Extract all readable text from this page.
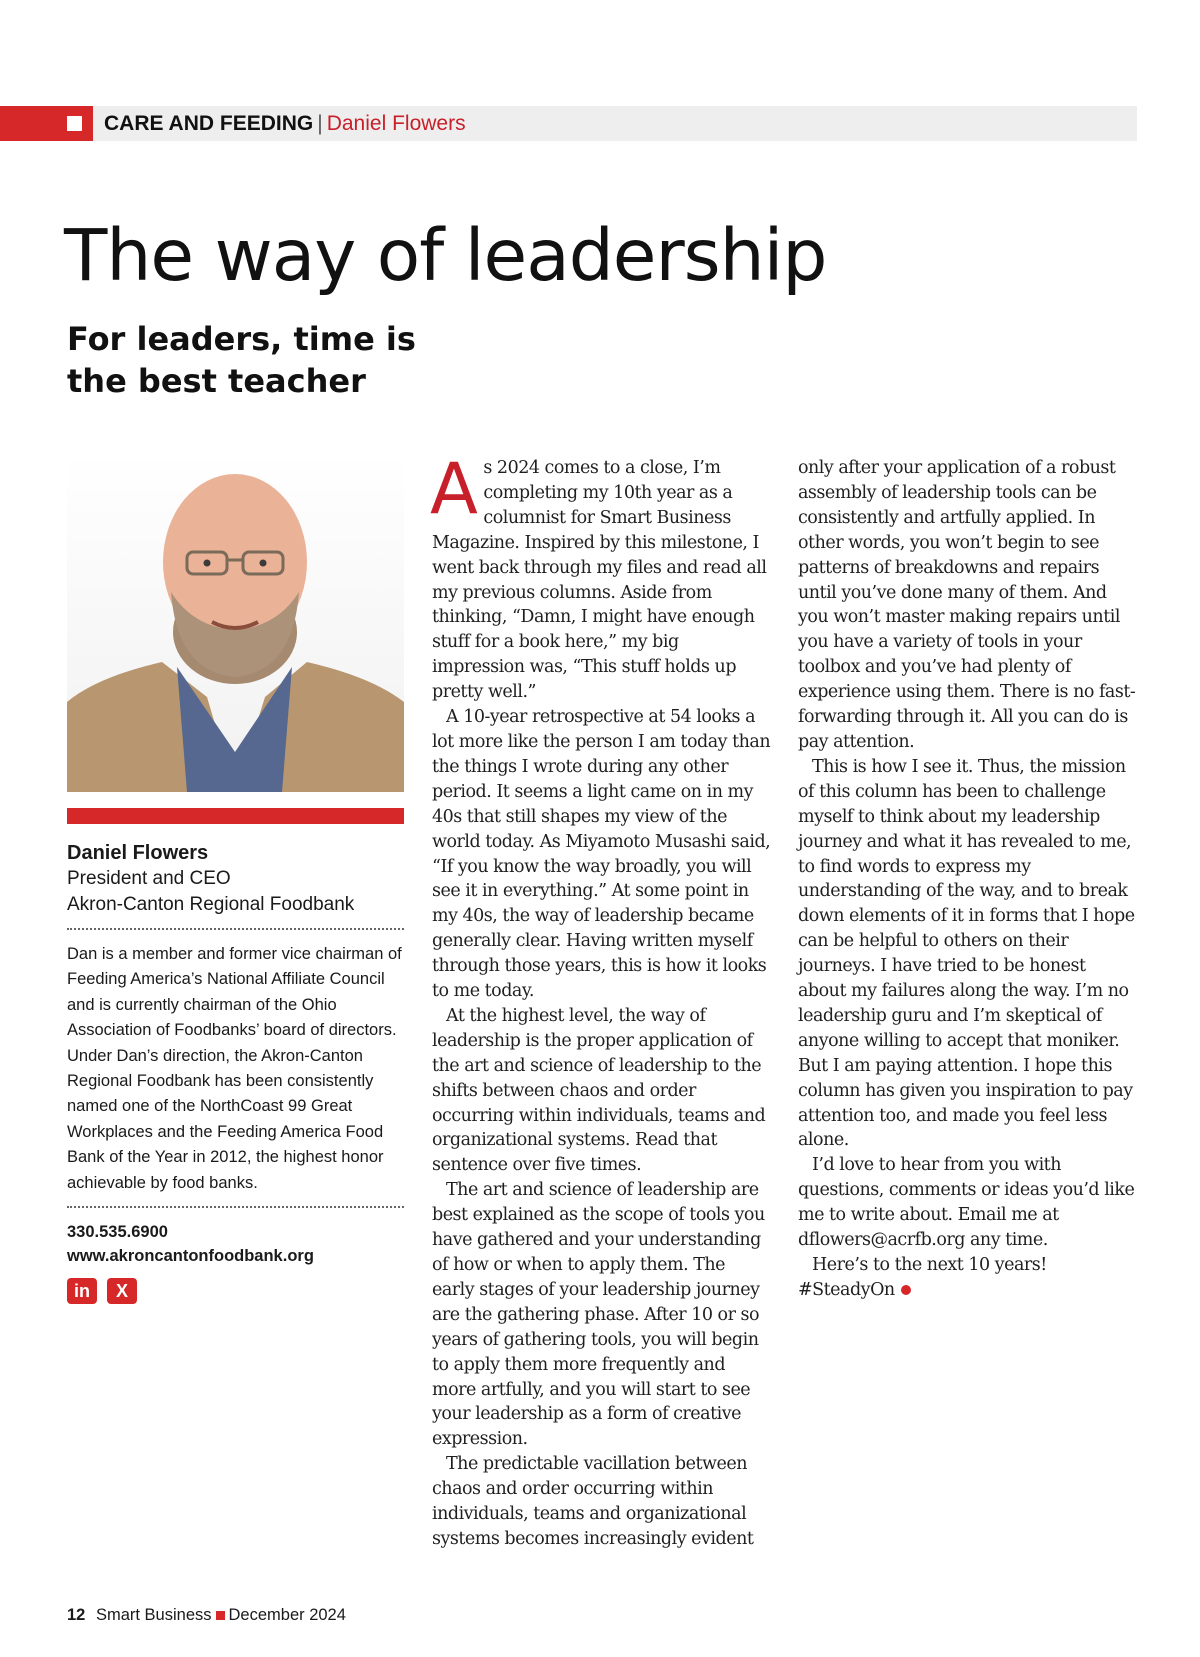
CARE AND FEEDING | Daniel Flowers
The way of leadership
For leaders, time is the best teacher
Daniel Flowers
President and CEO
Akron-Canton Regional Foodbank

Dan is a member and former vice chairman of Feeding America’s National Affiliate Council and is currently chairman of the Ohio Association of Foodbanks’ board of directors. Under Dan’s direction, the Akron-Canton Regional Foodbank has been consistently named one of the NorthCoast 99 Great Workplaces and the Feeding America Food Bank of the Year in 2012, the highest honor achievable by food banks.

330.535.6900
www.akroncantonfoodbank.org
in	X

As 2024 comes to a close, I’m completing my 10th year as a columnist for Smart Business Magazine. Inspired by this milestone, I went back through my files and read all my previous columns. Aside from thinking, “Damn, I might have enough stuff for a book here,” my big impression was, “This stuff holds up pretty well.”

A 10-year retrospective at 54 looks a lot more like the person I am today than the things I wrote during any other period. It seems a light came on in my 40s that still shapes my view of the world today. As Miyamoto Musashi said, “If you know the way broadly, you will see it in everything.” At some point in my 40s, the way of leadership became generally clear. Having written myself through those years, this is how it looks to me today.

At the highest level, the way of leadership is the proper application of the art and science of leadership to the shifts between chaos and order occurring within individuals, teams and organizational systems. Read that sentence over five times.

The art and science of leadership are best explained as the scope of tools you have gathered and your understanding of how or when to apply them. The early stages of your leadership journey are the gathering phase. After 10 or so years of gathering tools, you will begin to apply them more frequently and more artfully, and you will start to see your leadership as a form of creative expression.

The predictable vacillation between chaos and order occurring within individuals, teams and organizational systems becomes increasingly evident

only after your application of a robust assembly of leadership tools can be consistently and artfully applied. In other words, you won’t begin to see patterns of breakdowns and repairs until you’ve done many of them. And you won’t master making repairs until you have a variety of tools in your toolbox and you’ve had plenty of experience using them. There is no fast-forwarding through it. All you can do is pay attention.

This is how I see it. Thus, the mission of this column has been to challenge myself to think about my leadership journey and what it has revealed to me, to find words to express my understanding of the way, and to break down elements of it in forms that I hope can be helpful to others on their journeys. I have tried to be honest about my failures along the way. I’m no leadership guru and I’m skeptical of anyone willing to accept that moniker. But I am paying attention. I hope this column has given you inspiration to pay attention too, and made you feel less alone.

I’d love to hear from you with questions, comments or ideas you’d like me to write about. Email me at dflowers@acrfb.org any time.

Here’s to the next 10 years! #SteadyOn

12 Smart Business December 2024
